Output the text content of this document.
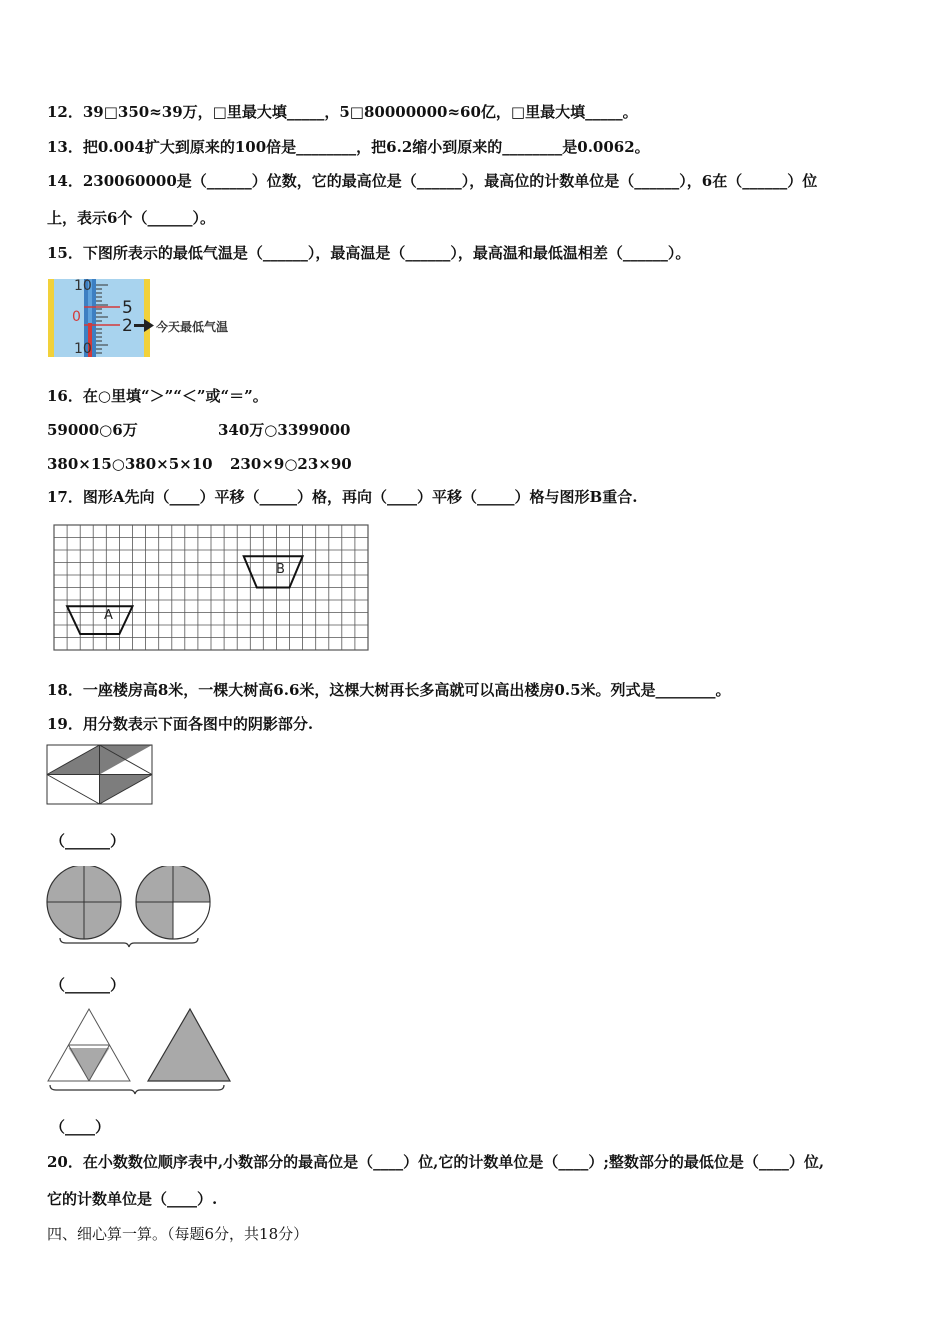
12．39□350≈39万，□里最大填_____，5□80000000≈60亿，□里最大填_____。
13．把0.004扩大到原来的100倍是________，把6.2缩小到原来的________是0.0062。
14．230060000是（______）位数，它的最高位是（______），最高位的计数单位是（______），6在（______）位
上，表示6个（______）。
15．下图所表示的最低气温是（______），最高温是（______），最高温和最低温相差（______）。
10
5
0 2
10
今天最低气温
16．在○里填“＞”“＜”或“＝”。
59000○6万	340万○3399000
380×15○380×5×10 230×9○23×90
17．图形A先向（____）平移（_____）格，再向（____）平移（_____）格与图形B重合.
B
A
18．一座楼房高8米，一棵大树高6.6米，这棵大树再长多高就可以高出楼房0.5米。列式是________。
19．用分数表示下面各图中的阴影部分.
（______）
（______）
（____）
20．在小数数位顺序表中,小数部分的最高位是（____）位,它的计数单位是（____）;整数部分的最低位是（____）位,
它的计数单位是（____）.
四、细心算一算。（每题6分，共18分）
